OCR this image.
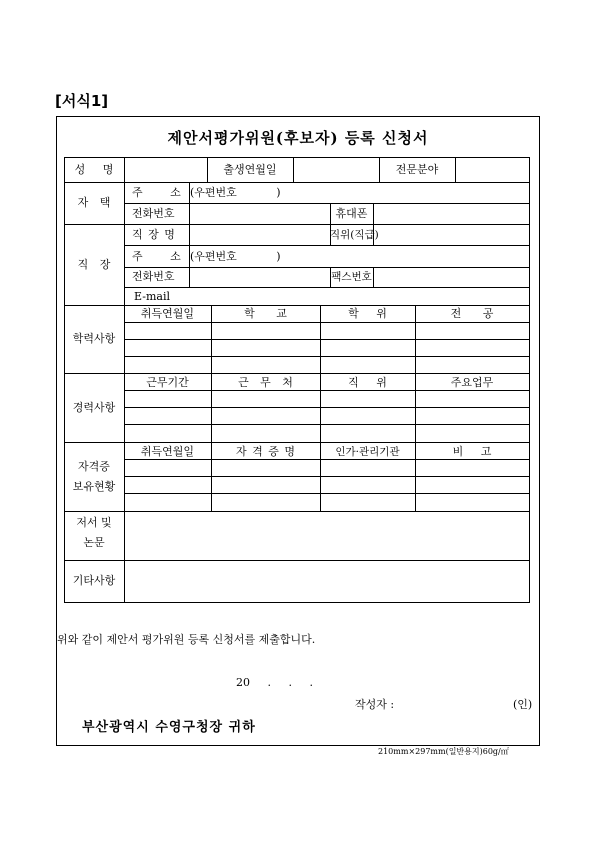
[서식1]
제안서평가위원(후보자) 등록 신청서
성 명	출생연월일	전문분야
자 택
주 소 (우편번호 )
전화번호	휴대폰
직 장
직 장 명	직위(직급)
주 소 (우편번호 )
전화번호	팩스번호
E-mail
학력사항
취득연월일	학 교	학 위	전 공
경력사항
근무기간	근 무 처	직 위	주요업무
자격증
보유현황
취득연월일	자 격 증 명	인가·관리기관	비 고
저서 및
논문
기타사항
위와 같이 제안서 평가위원 등록 신청서를 제출합니다.
20 . . .
작성자 :	(인)
부산광역시 수영구청장 귀하
210mm×297mm(일반용지)60g/㎡
